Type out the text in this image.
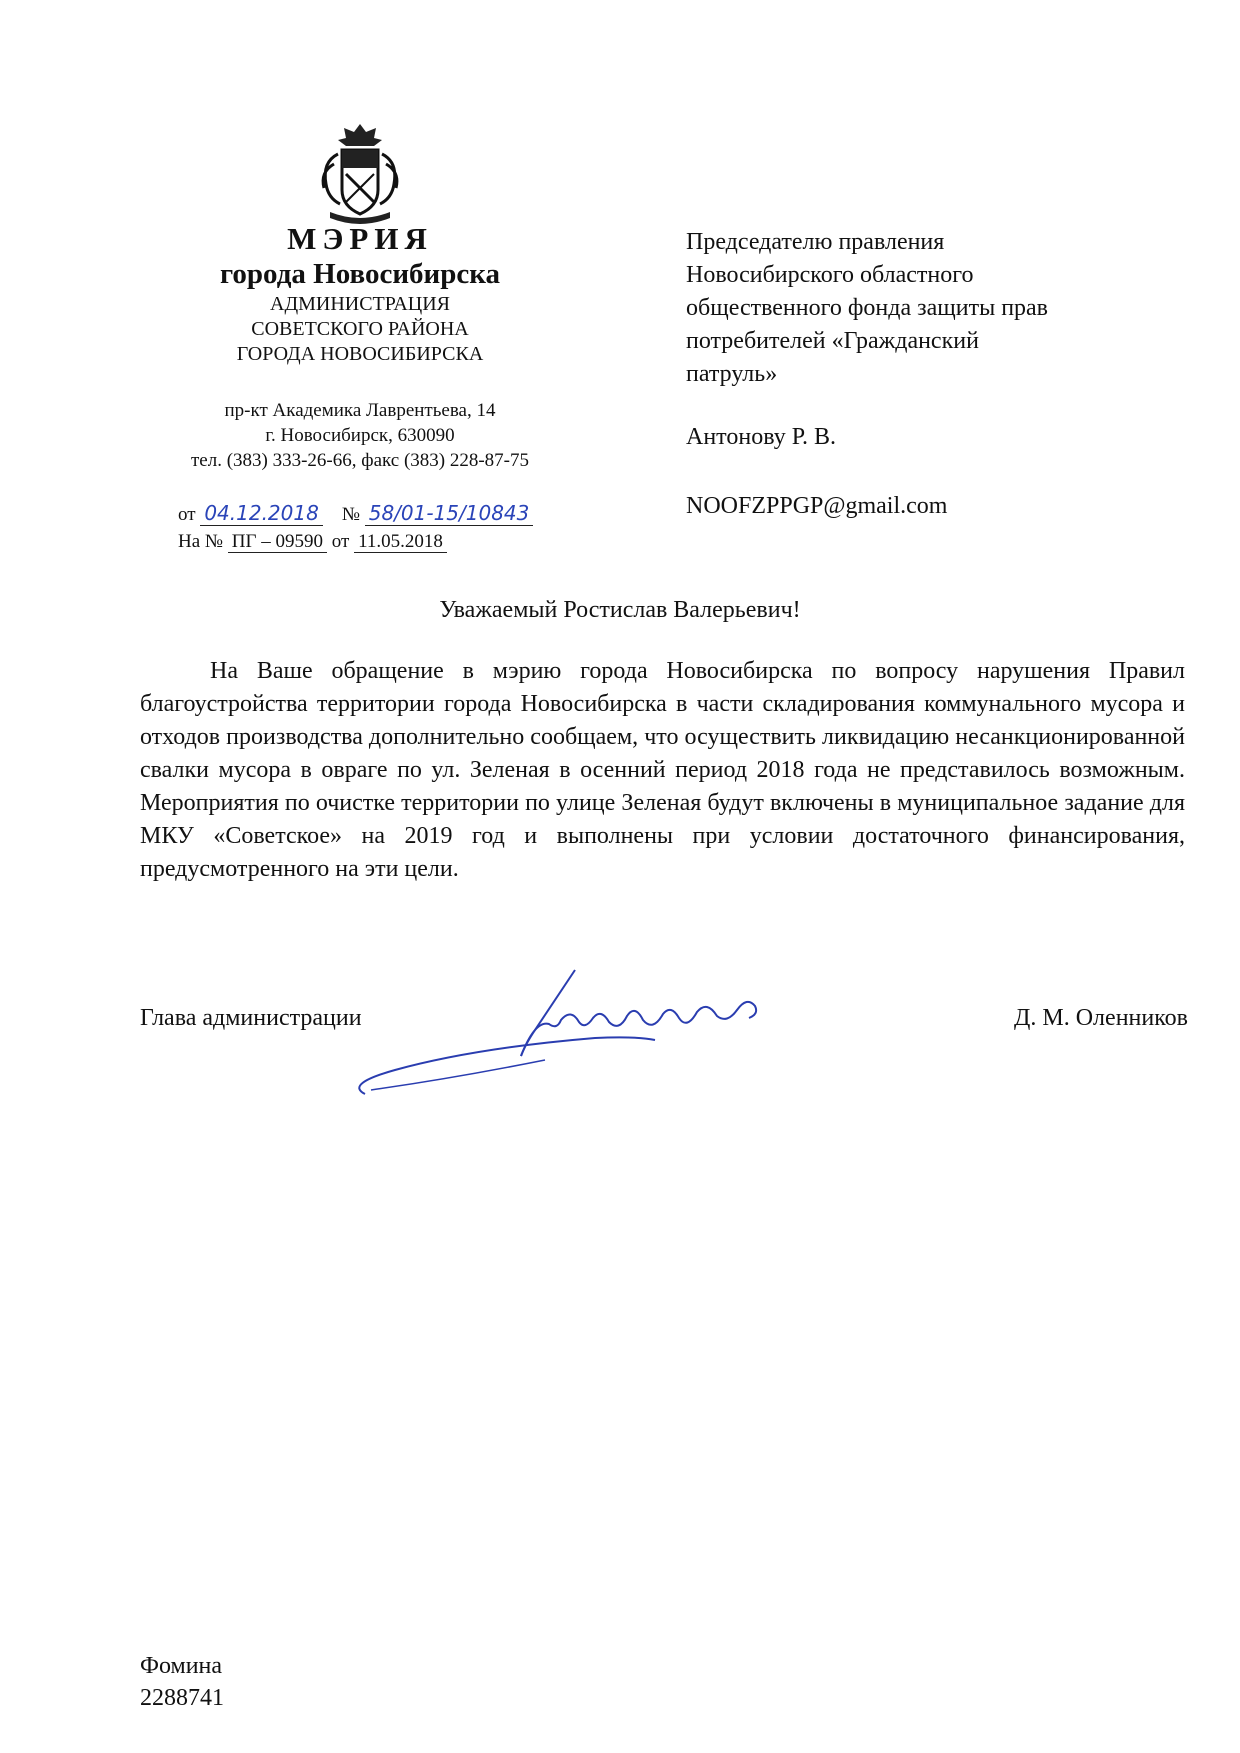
МЭРИЯ
города Новосибирска
АДМИНИСТРАЦИЯ
СОВЕТСКОГО РАЙОНА
ГОРОДА НОВОСИБИРСКА
пр-кт Академика Лаврентьева, 14
г. Новосибирск, 630090
тел. (383) 333-26-66, факс (383) 228-87-75
от 04.12.2018 № 58/01-15/10843
На № ПГ – 09590 от 11.05.2018
Председателю правления
Новосибирского областного
общественного фонда защиты прав
потребителей «Гражданский
патруль»
Антонову Р. В.
NOOFZPPGP@gmail.com
Уважаемый Ростислав Валерьевич!

На Ваше обращение в мэрию города Новосибирска по вопросу нарушения Правил благоустройства территории города Новосибирска в части складирования коммунального мусора и отходов производства дополнительно сообщаем, что осуществить ликвидацию несанкционированной свалки мусора в овраге по ул. Зеленая в осенний период 2018 года не представилось возможным. Мероприятия по очистке территории по улице Зеленая будут включены в муниципальное задание для МКУ «Советское» на 2019 год и выполнены при условии достаточного финансирования, предусмотренного на эти цели.

Глава администрации	Д. М. Оленников
Фомина
2288741
